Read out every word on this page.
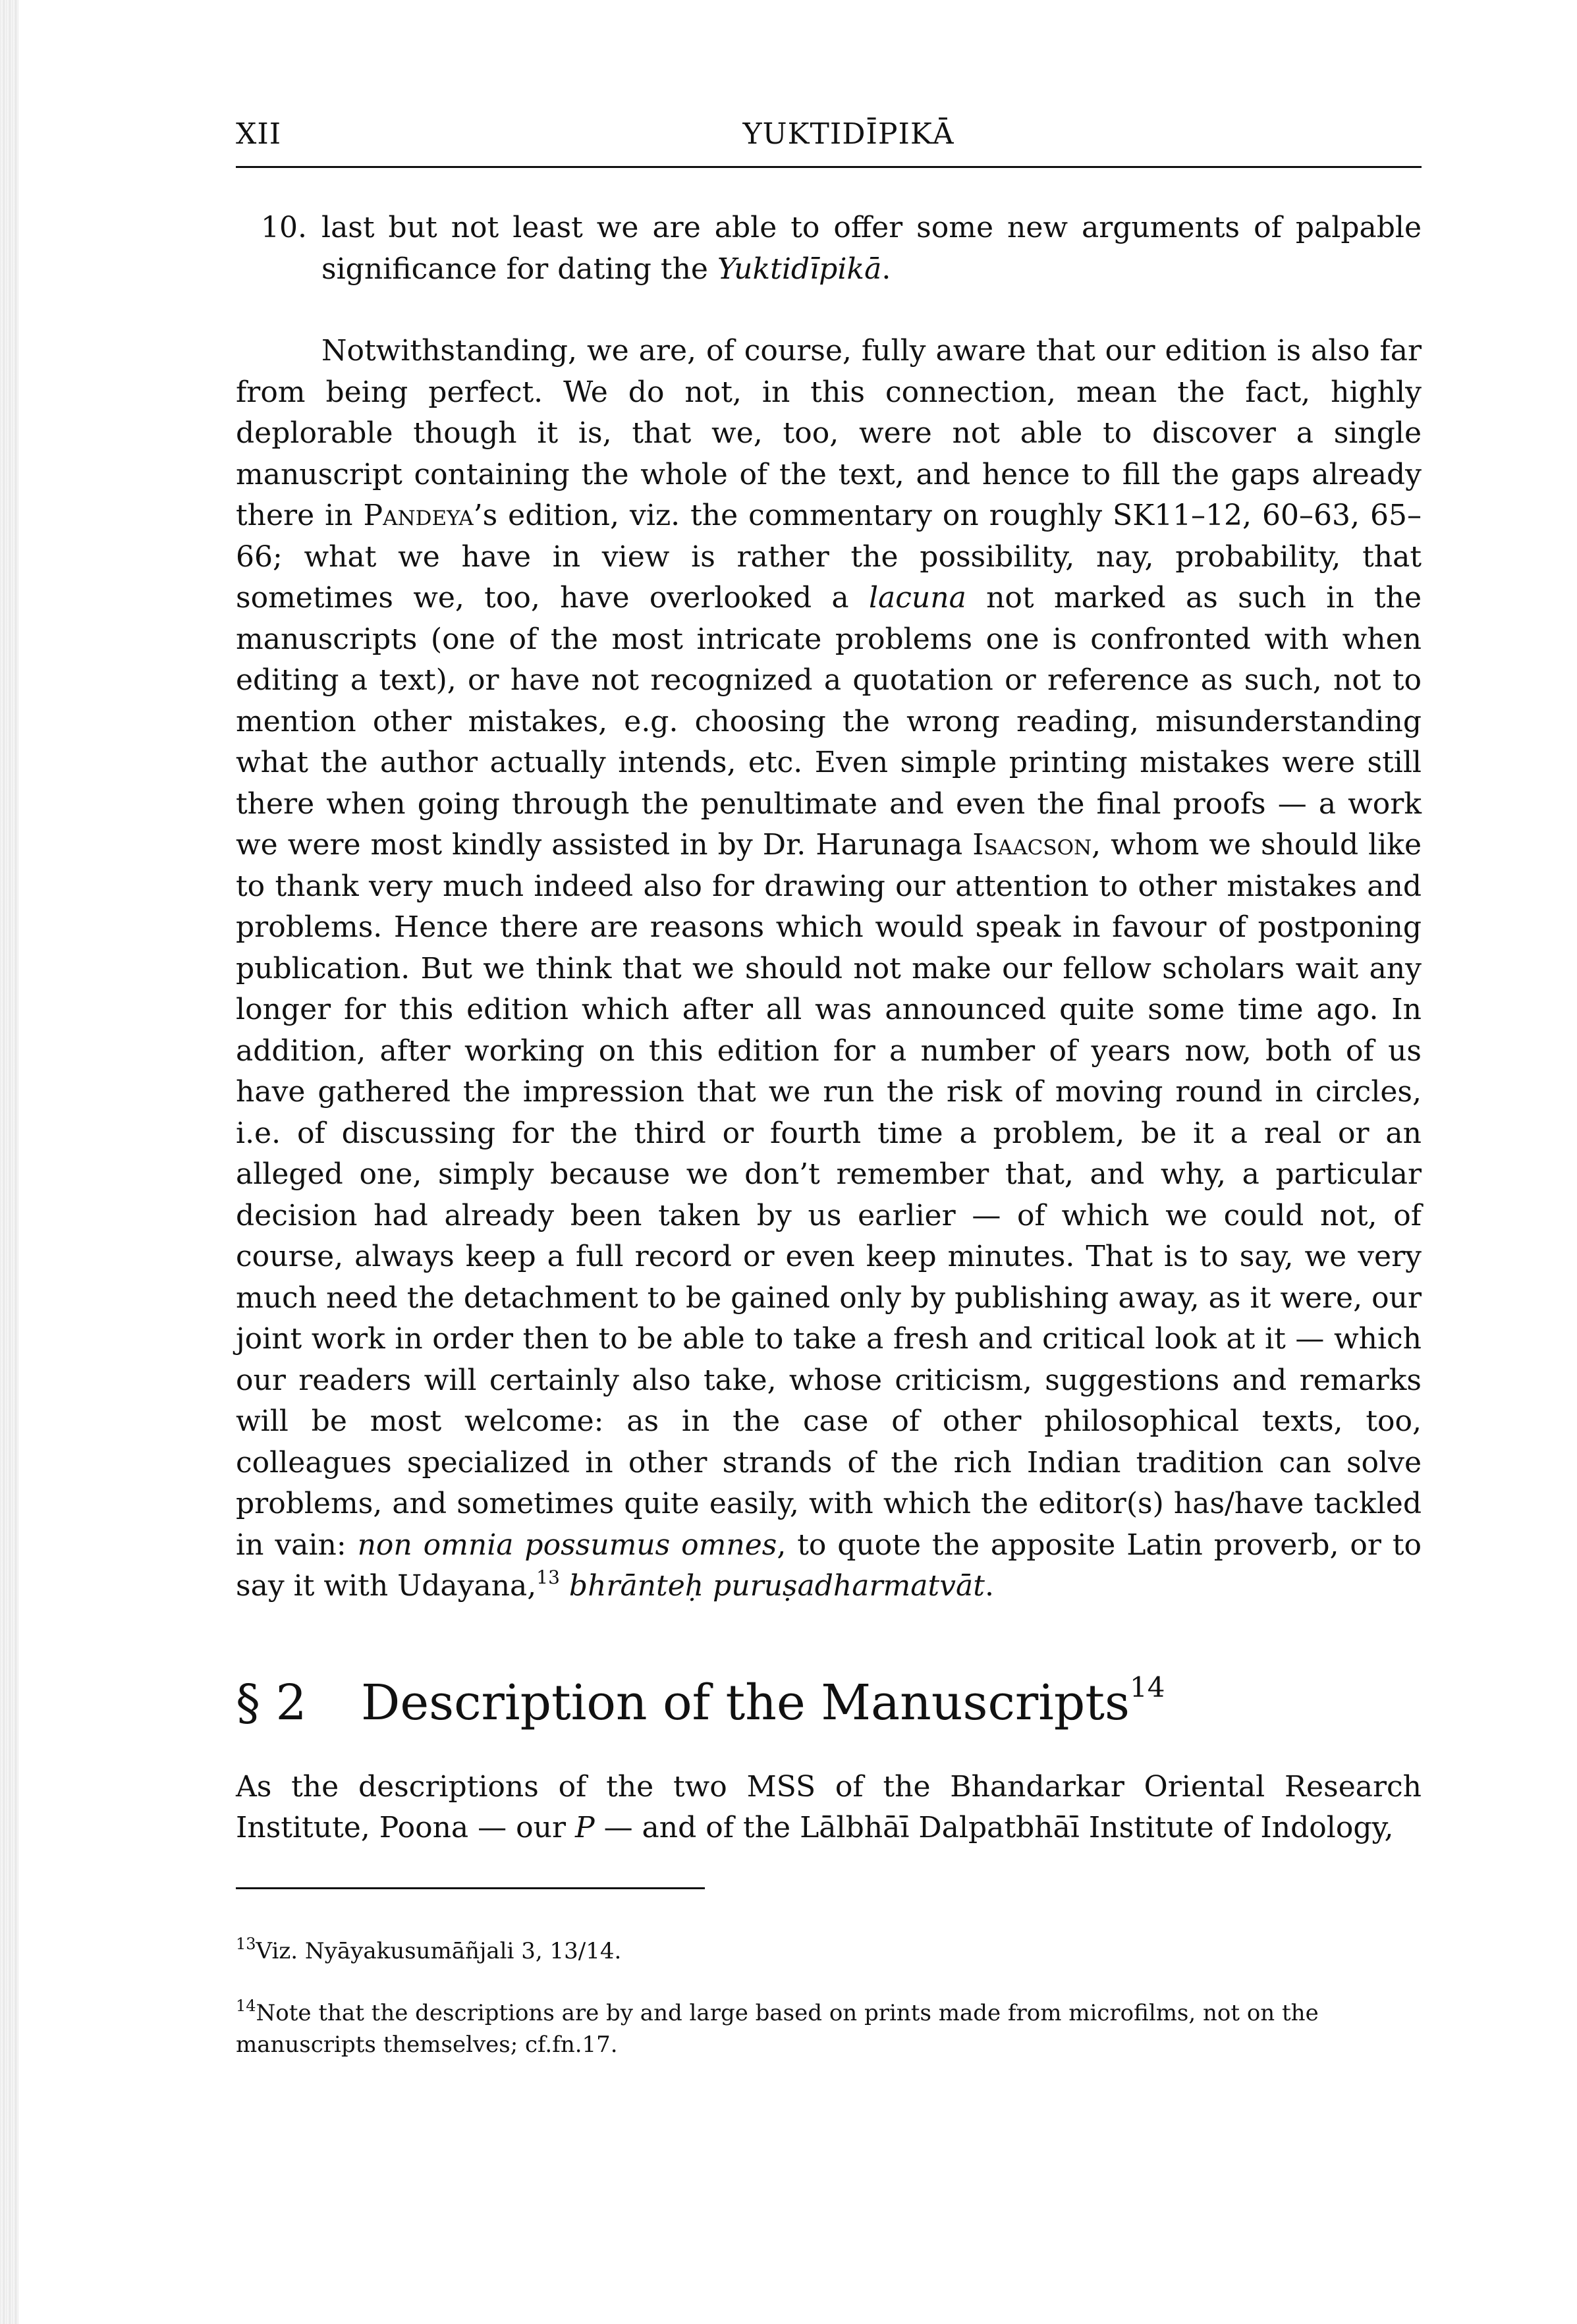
XII	YUKTIDĪPIKĀ
10. last but not least we are able to offer some new arguments of palpable significance for dating the Yuktidīpikā.

Notwithstanding, we are, of course, fully aware that our edition is also far from being perfect. We do not, in this connection, mean the fact, highly deplorable though it is, that we, too, were not able to discover a single manuscript containing the whole of the text, and hence to fill the gaps already there in Pandeya’s edition, viz. the commentary on roughly SK11–12, 60–63, 65–66; what we have in view is rather the possibility, nay, probability, that sometimes we, too, have overlooked a lacuna not marked as such in the manuscripts (one of the most intricate problems one is confronted with when editing a text), or have not recognized a quotation or reference as such, not to mention other mistakes, e.g. choosing the wrong reading, misunderstanding what the author actually intends, etc. Even simple printing mistakes were still there when going through the penultimate and even the final proofs — a work we were most kindly assisted in by Dr. Harunaga Isaacson, whom we should like to thank very much indeed also for drawing our attention to other mistakes and problems. Hence there are reasons which would speak in favour of postponing publication. But we think that we should not make our fellow scholars wait any longer for this edition which after all was announced quite some time ago. In addition, after working on this edition for a number of years now, both of us have gathered the impression that we run the risk of moving round in circles, i.e. of discussing for the third or fourth time a problem, be it a real or an alleged one, simply because we don’t remember that, and why, a particular decision had already been taken by us earlier — of which we could not, of course, always keep a full record or even keep minutes. That is to say, we very much need the detachment to be gained only by publishing away, as it were, our joint work in order then to be able to take a fresh and critical look at it — which our readers will certainly also take, whose criticism, suggestions and remarks will be most welcome: as in the case of other philosophical texts, too, colleagues specialized in other strands of the rich Indian tradition can solve problems, and sometimes quite easily, with which the editor(s) has/have tackled in vain: non omnia possumus omnes, to quote the apposite Latin proverb, or to say it with Udayana,$^{13}$ bhrānteḥ puruṣadharmatvāt.

§ 2	Description of the Manuscripts$^{14}$

As the descriptions of the two MSS of the Bhandarkar Oriental Research Institute, Poona — our P — and of the Lālbhāī Dalpatbhāī Institute of Indology,

$^{13}$Viz. Nyāyakusumāñjali 3, 13/14.
$^{14}$Note that the descriptions are by and large based on prints made from microfilms, not on the manuscripts themselves; cf.fn.17.
